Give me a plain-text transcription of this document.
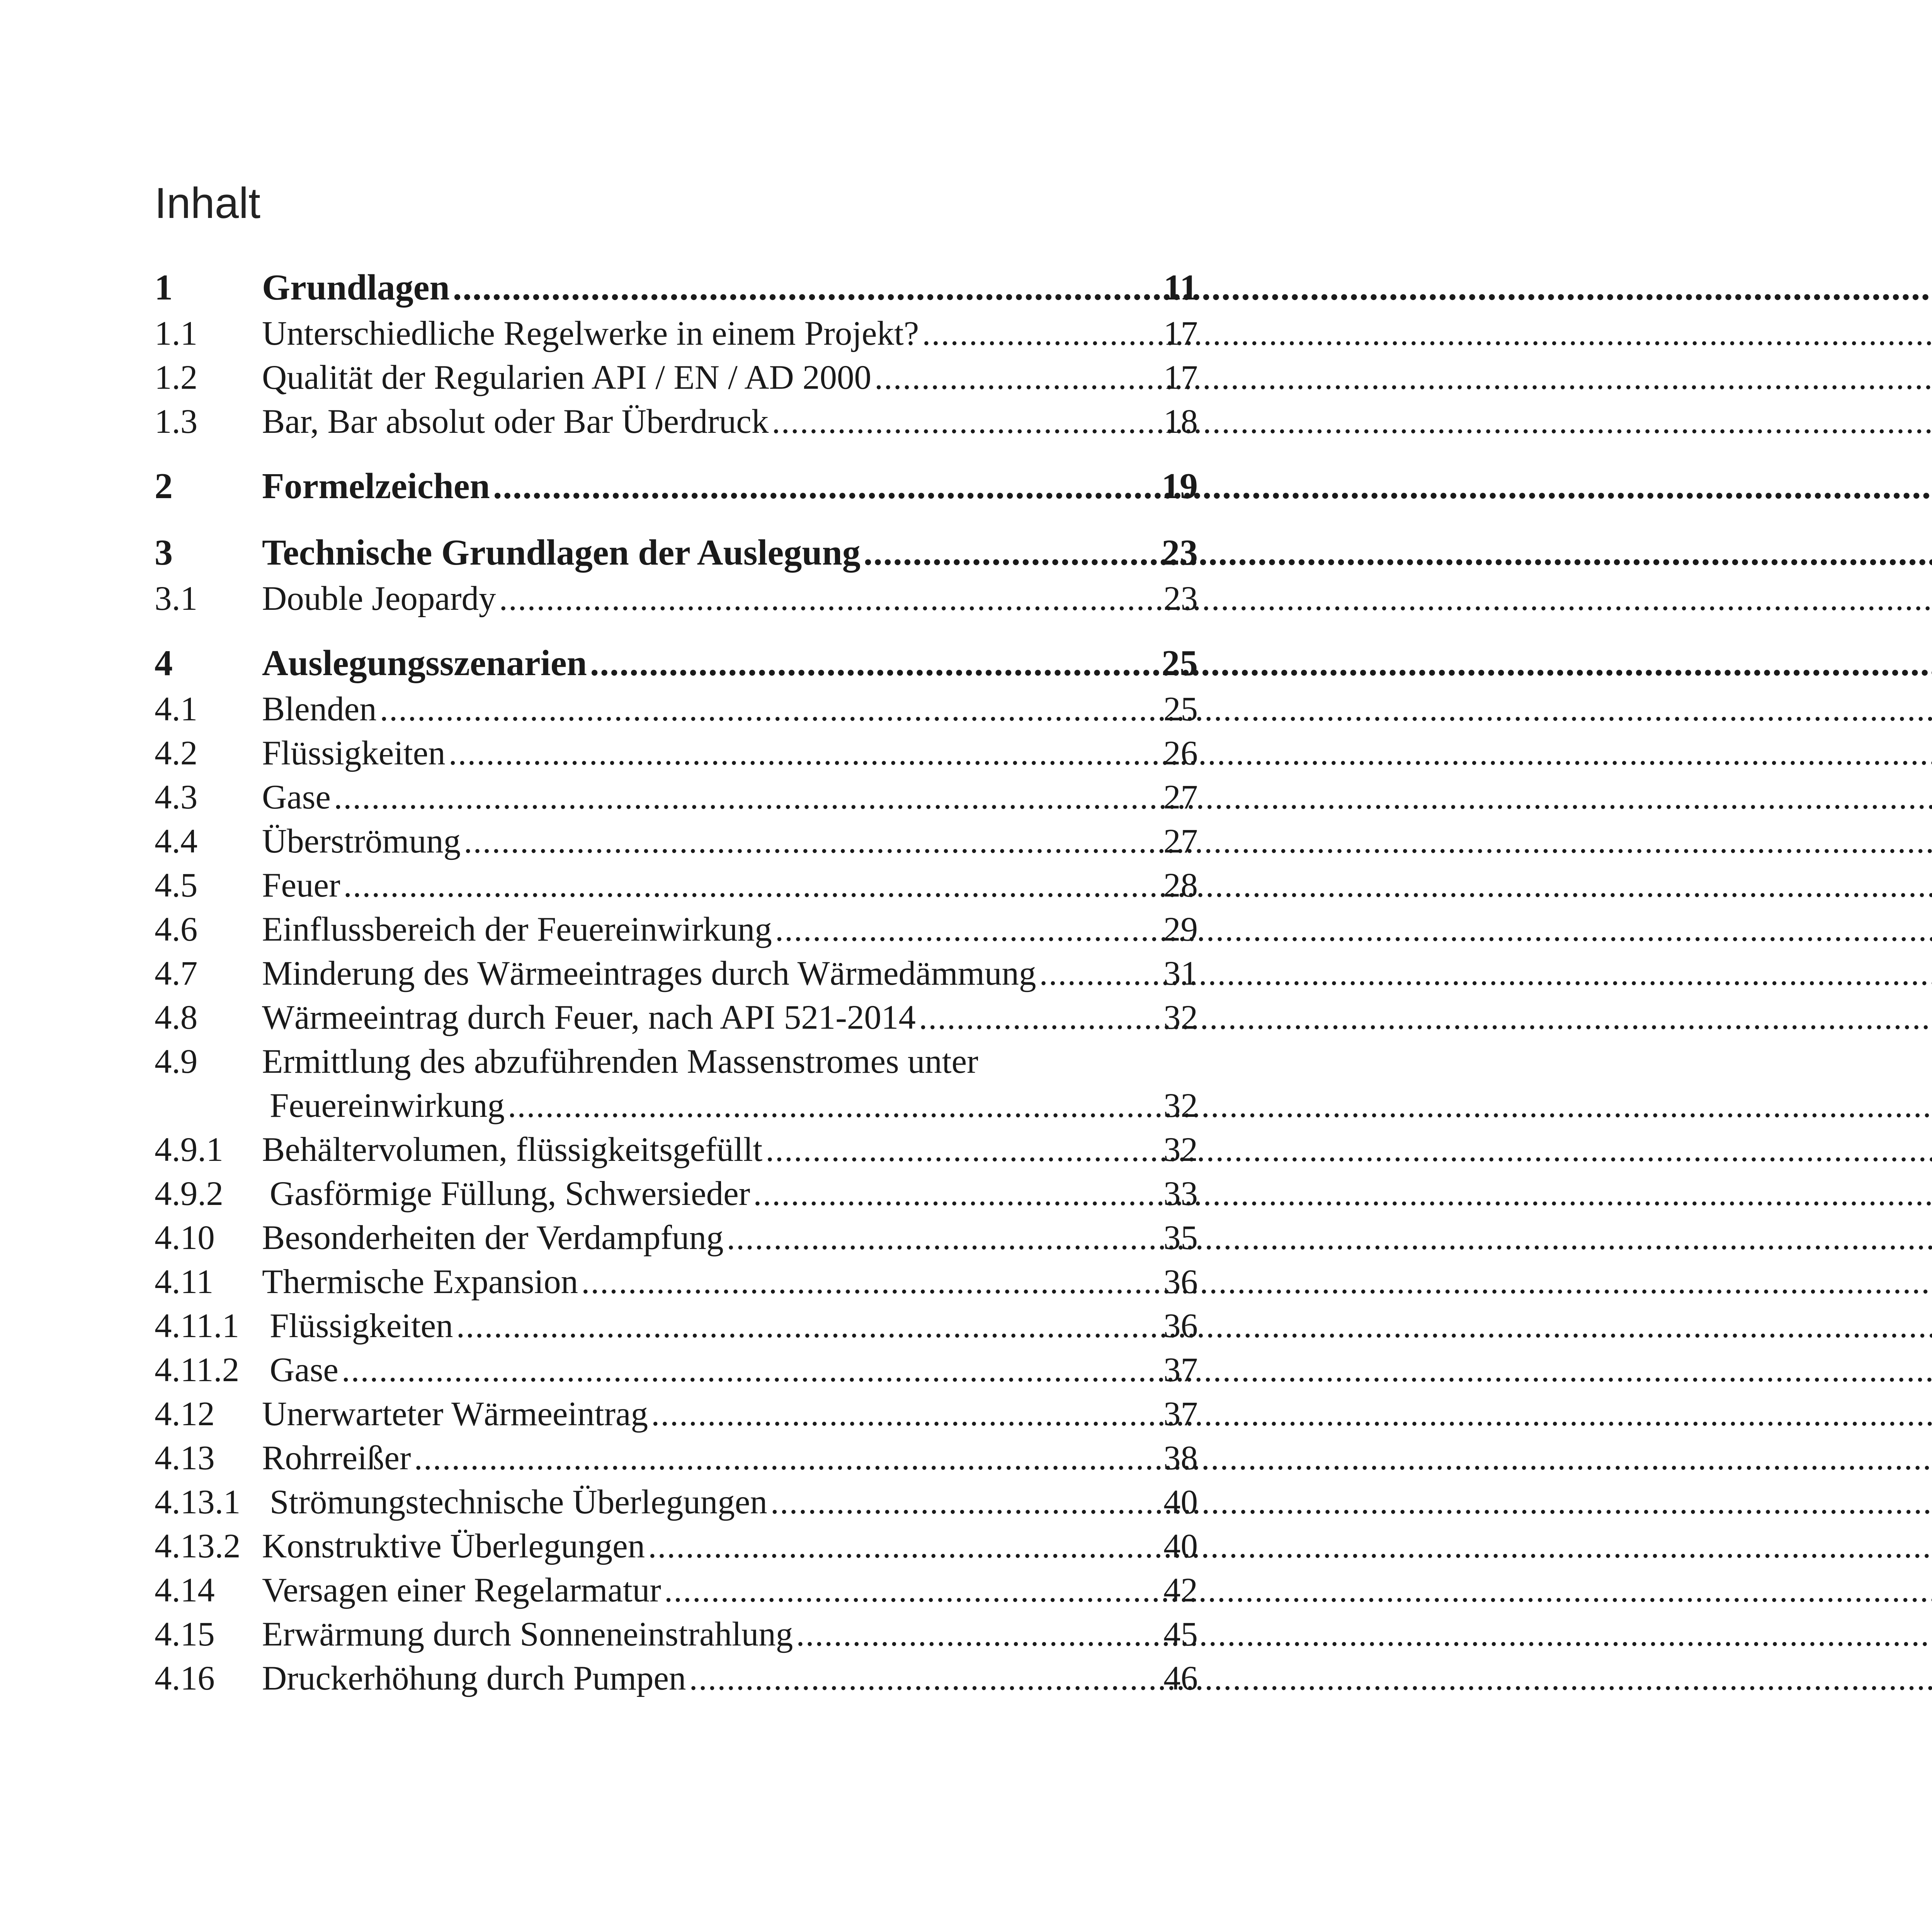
Inhalt
1	Grundlagen .....	11
1.1	Unterschiedliche Regelwerke in einem Projekt? .....	17
1.2	Qualität der Regularien API / EN / AD 2000 .....	17
1.3	Bar, Bar absolut oder Bar Überdruck .....	18
2	Formelzeichen .....	19
3	Technische Grundlagen der Auslegung .....	23
3.1	Double Jeopardy .....	23
4	Auslegungsszenarien .....	25
4.1	Blenden .....	25
4.2	Flüssigkeiten .....	26
4.3	Gase .....	27
4.4	Überströmung .....	27
4.5	Feuer .....	28
4.6	Einflussbereich der Feuereinwirkung .....	29
4.7	Minderung des Wärmeeintrages durch Wärmedämmung .....	31
4.8	Wärmeeintrag durch Feuer, nach API 521-2014 .....	32
4.9	Ermittlung des abzuführenden Massenstromes unter
Feuereinwirkung .....	32
4.9.1	Behältervolumen, flüssigkeitsgefüllt .....	32
4.9.2	Gasförmige Füllung, Schwersieder .....	33
4.10	Besonderheiten der Verdampfung .....	35
4.11	Thermische Expansion .....	36
4.11.1 Flüssigkeiten .....	36
4.11.2 Gase .....	37
4.12	Unerwarteter Wärmeeintrag .....	37
4.13	Rohrreißer .....	38
4.13.1 Strömungstechnische Überlegungen .....	40
4.13.2 Konstruktive Überlegungen .....	40
4.14	Versagen einer Regelarmatur .....	42
4.15	Erwärmung durch Sonneneinstrahlung .....	45
4.16	Druckerhöhung durch Pumpen .....	46
